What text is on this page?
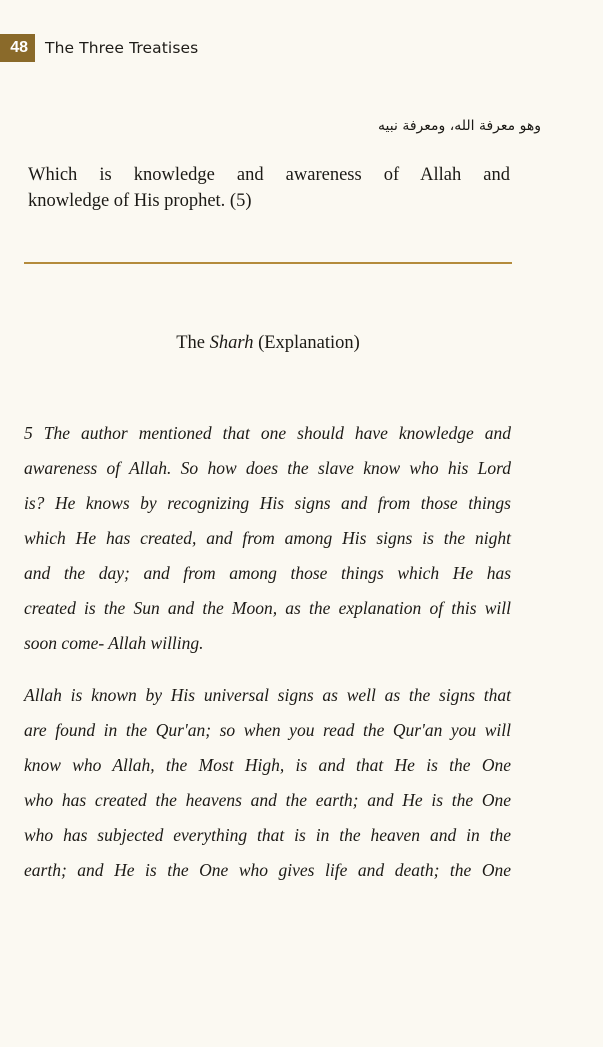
48	The Three Treatises
وهو معرفة الله، ومعرفة نبيه
Which is knowledge and awareness of Allah and
knowledge of His prophet. (5)
The Sharh (Explanation)
5 The author mentioned that one should have knowledge and
awareness of Allah. So how does the slave know who his Lord
is? He knows by recognizing His signs and from those things
which He has created, and from among His signs is the night
and the day; and from among those things which He has
created is the Sun and the Moon, as the explanation of this will
soon come- Allah willing.
Allah is known by His universal signs as well as the signs that
are found in the Qur'an; so when you read the Qur'an you will
know who Allah, the Most High, is and that He is the One
who has created the heavens and the earth; and He is the One
who has subjected everything that is in the heaven and in the
earth; and He is the One who gives life and death; the One
